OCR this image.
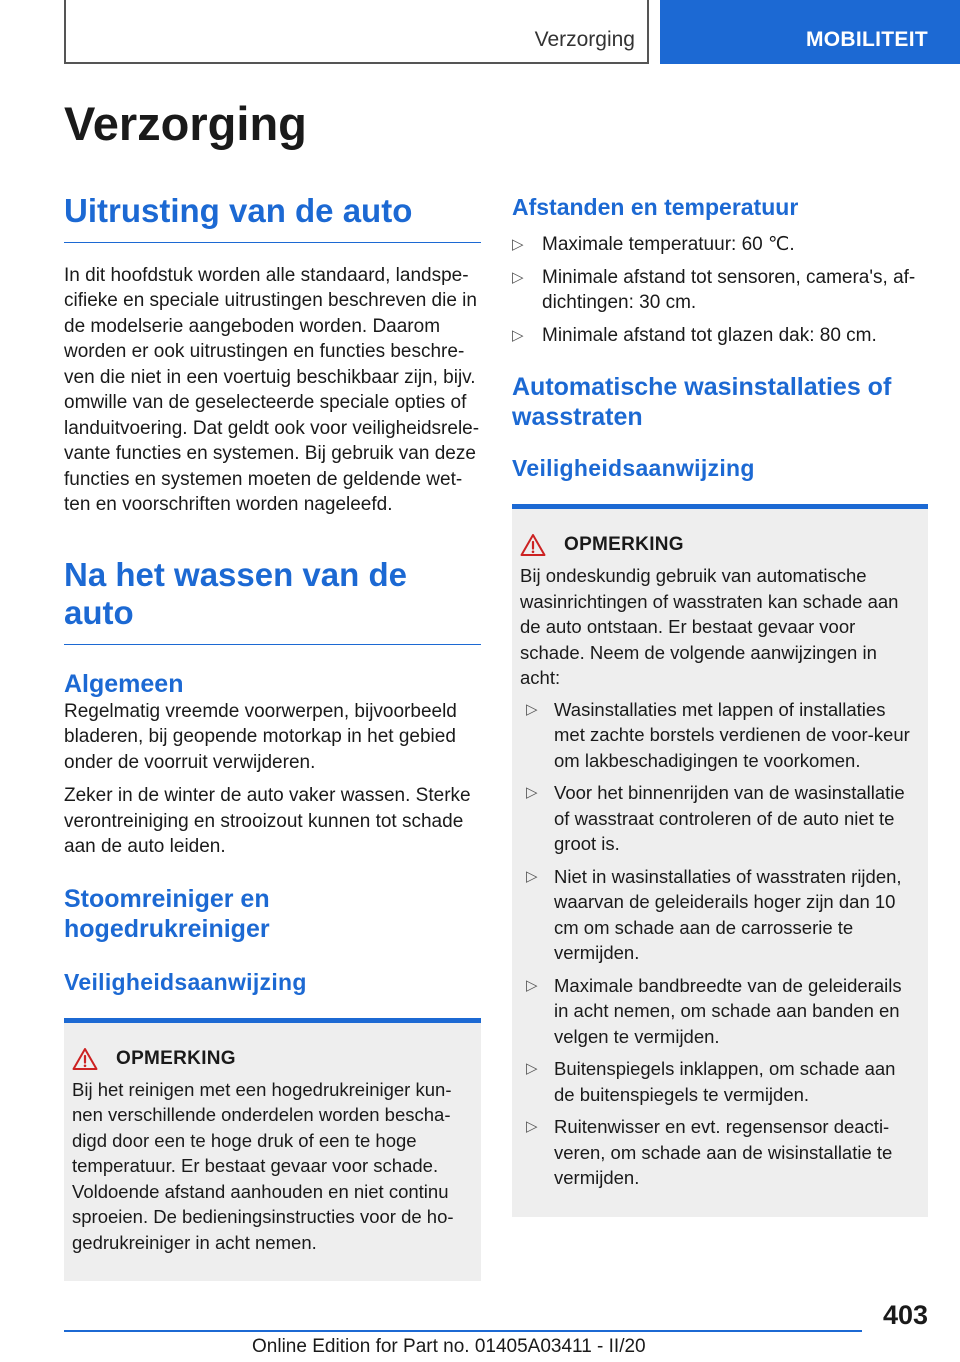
Verzorging	MOBILITEIT
Verzorging
Uitrusting van de auto

In dit hoofdstuk worden alle standaard, landspe-cifieke en speciale uitrustingen beschreven die in de modelserie aangeboden worden. Daarom worden er ook uitrustingen en functies beschre-ven die niet in een voertuig beschikbaar zijn, bijv. omwille van de geselecteerde speciale opties of landuitvoering. Dat geldt ook voor veiligheidsrele-vante functies en systemen. Bij gebruik van deze functies en systemen moeten de geldende wet-ten en voorschriften worden nageleefd.

Na het wassen van de auto
Algemeen

Regelmatig vreemde voorwerpen, bijvoorbeeld bladeren, bij geopende motorkap in het gebied onder de voorruit verwijderen.

Zeker in de winter de auto vaker wassen. Sterke verontreiniging en strooizout kunnen tot schade aan de auto leiden.

Stoomreiniger en hogedrukreiniger
Veiligheidsaanwijzing
OPMERKING

Bij het reinigen met een hogedrukreiniger kun-nen verschillende onderdelen worden bescha-digd door een te hoge druk of een te hoge temperatuur. Er bestaat gevaar voor schade. Voldoende afstand aanhouden en niet continu sproeien. De bedieningsinstructies voor de ho-gedrukreiniger in acht nemen.

Afstanden en temperatuur
▷ Maximale temperatuur: 60 ℃.
▷ Minimale afstand tot sensoren, camera's, af-dichtingen: 30 cm.
▷ Minimale afstand tot glazen dak: 80 cm.
Automatische wasinstallaties of wasstraten
Veiligheidsaanwijzing
OPMERKING

Bij ondeskundig gebruik van automatische wasinrichtingen of wasstraten kan schade aan de auto ontstaan. Er bestaat gevaar voor schade. Neem de volgende aanwijzingen in acht:

▷ Wasinstallaties met lappen of installaties met zachte borstels verdienen de voor-keur om lakbeschadigingen te voorkomen.
▷ Voor het binnenrijden van de wasinstallatie of wasstraat controleren of de auto niet te groot is.
▷ Niet in wasinstallaties of wasstraten rijden, waarvan de geleiderails hoger zijn dan 10 cm om schade aan de carrosserie te vermijden.
▷ Maximale bandbreedte van de geleiderails in acht nemen, om schade aan banden en velgen te vermijden.
▷ Buitenspiegels inklappen, om schade aan de buitenspiegels te vermijden.
▷ Ruitenwisser en evt. regensensor deacti-veren, om schade aan de wisinstallatie te vermijden.
403
Online Edition for Part no. 01405A03411 - II/20
